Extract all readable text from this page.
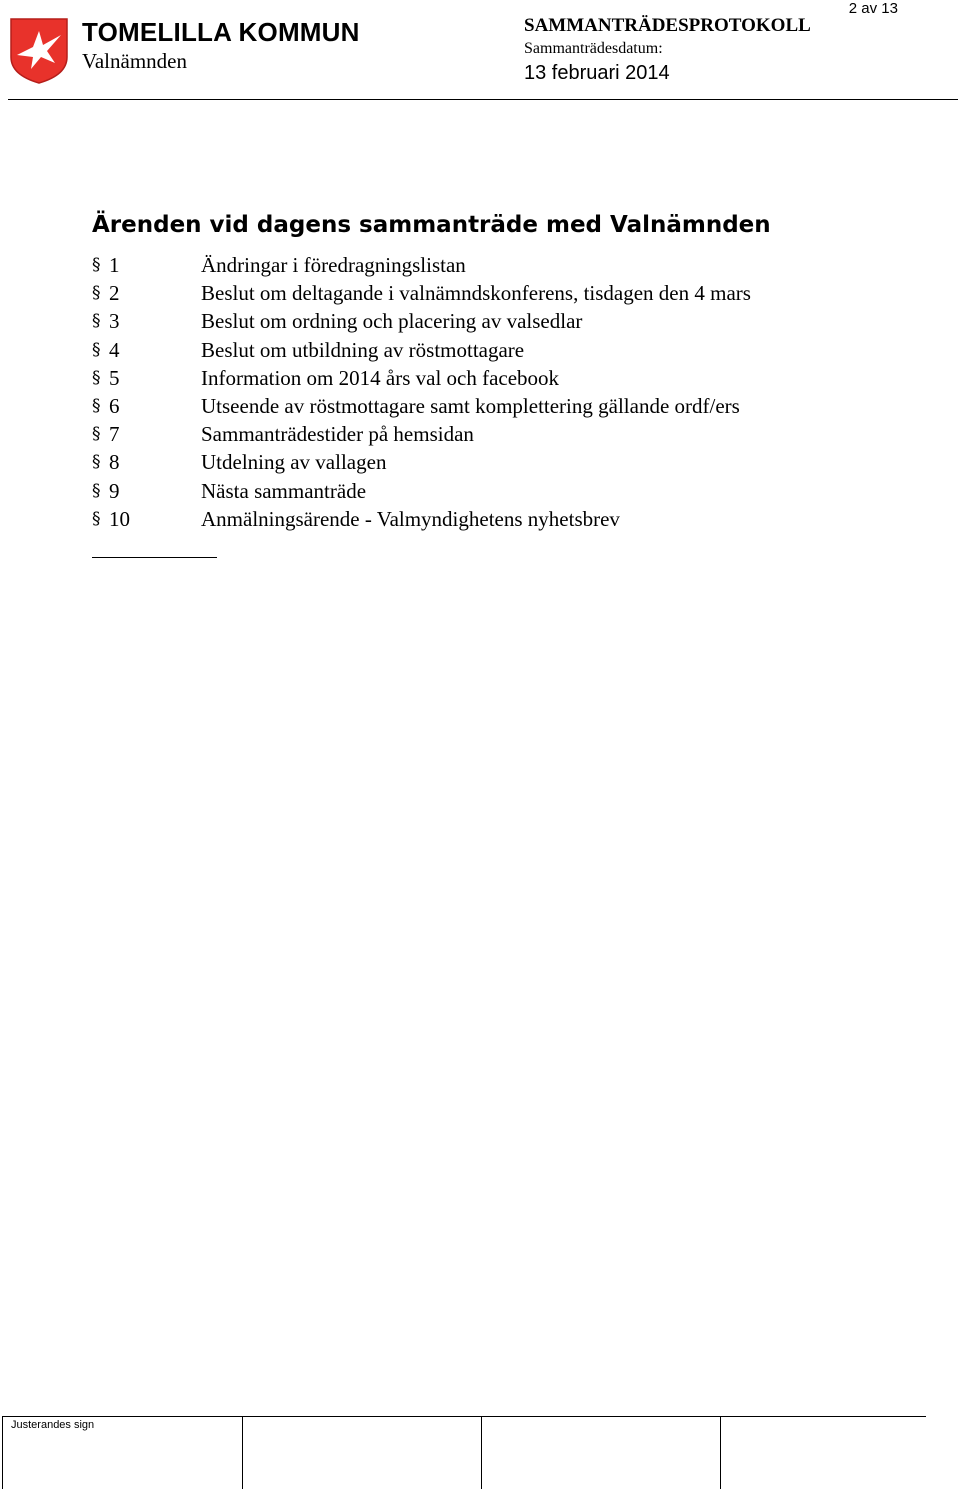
2 av 13
TOMELILLA KOMMUN
Valnämnden
SAMMANTRÄDESPROTOKOLL
Sammanträdesdatum:
13 februari 2014
Ärenden vid dagens sammanträde med Valnämnden
§ 1	Ändringar i föredragningslistan
§ 2	Beslut om deltagande i valnämndskonferens, tisdagen den 4 mars
§ 3	Beslut om ordning och placering av valsedlar
§ 4	Beslut om utbildning av röstmottagare
§ 5	Information om 2014 års val och facebook
§ 6	Utseende av röstmottagare samt komplettering gällande ordf/ers
§ 7	Sammanträdestider på hemsidan
§ 8	Utdelning av vallagen
§ 9	Nästa sammanträde
§ 10	Anmälningsärende - Valmyndighetens nyhetsbrev
Justerandes sign
